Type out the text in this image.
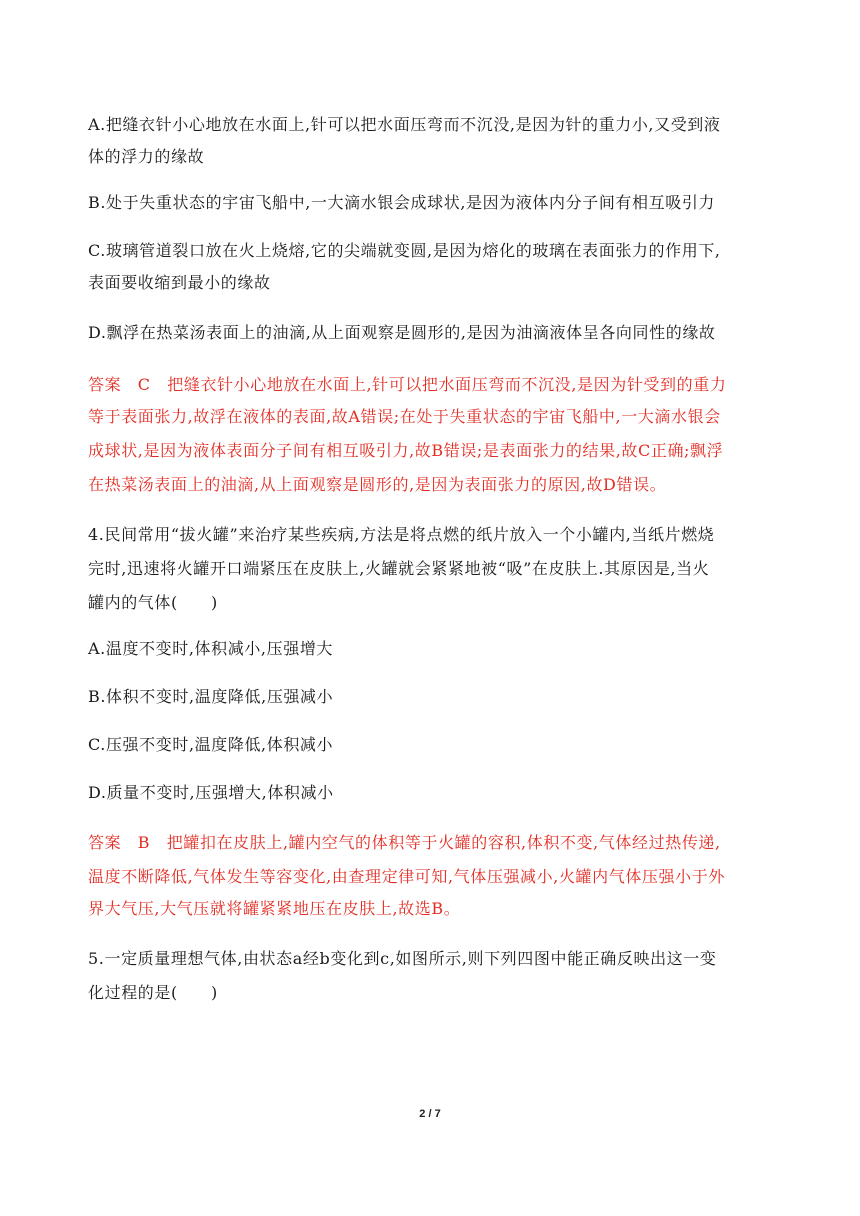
A.把缝衣针小心地放在水面上,针可以把水面压弯而不沉没,是因为针的重力小,又受到液
体的浮力的缘故
B.处于失重状态的宇宙飞船中,一大滴水银会成球状,是因为液体内分子间有相互吸引力
C.玻璃管道裂口放在火上烧熔,它的尖端就变圆,是因为熔化的玻璃在表面张力的作用下,
表面要收缩到最小的缘故
D.飘浮在热菜汤表面上的油滴,从上面观察是圆形的,是因为油滴液体呈各向同性的缘故
答案　C　把缝衣针小心地放在水面上,针可以把水面压弯而不沉没,是因为针受到的重力
等于表面张力,故浮在液体的表面,故A错误;在处于失重状态的宇宙飞船中,一大滴水银会
成球状,是因为液体表面分子间有相互吸引力,故B错误;是表面张力的结果,故C正确;飘浮
在热菜汤表面上的油滴,从上面观察是圆形的,是因为表面张力的原因,故D错误。
4.民间常用“拔火罐”来治疗某些疾病,方法是将点燃的纸片放入一个小罐内,当纸片燃烧
完时,迅速将火罐开口端紧压在皮肤上,火罐就会紧紧地被“吸”在皮肤上.其原因是,当火
罐内的气体(　　)
A.温度不变时,体积减小,压强增大
B.体积不变时,温度降低,压强减小
C.压强不变时,温度降低,体积减小
D.质量不变时,压强增大,体积减小
答案　B　把罐扣在皮肤上,罐内空气的体积等于火罐的容积,体积不变,气体经过热传递,
温度不断降低,气体发生等容变化,由查理定律可知,气体压强减小,火罐内气体压强小于外
界大气压,大气压就将罐紧紧地压在皮肤上,故选B。
5.一定质量理想气体,由状态a经b变化到c,如图所示,则下列四图中能正确反映出这一变
化过程的是(　　)
2 / 7
